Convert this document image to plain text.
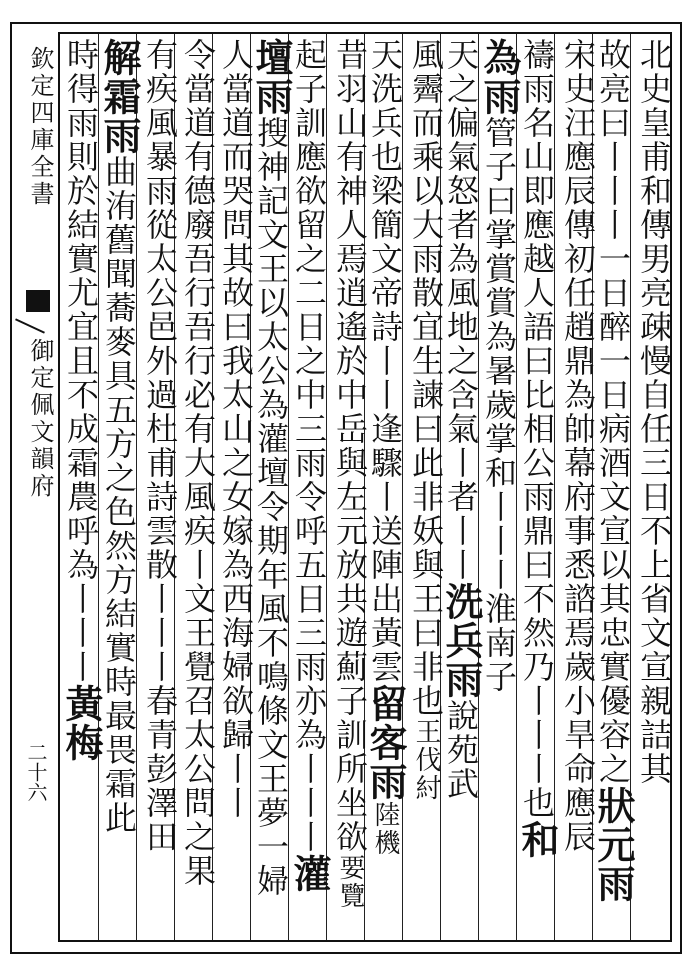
欽定四庫全書
御定佩文韻府
二十六	北史皇甫和傳男亮疎慢自任三日不上省文宣親詰其
故亮曰丨丨丨一日醉一日病酒文宣以其忠實優容之狀元雨
宋史汪應辰傳初任趙鼎為帥幕府事悉諮焉歲小旱命應辰
禱雨名山即應越人語曰比相公雨鼎曰不然乃丨丨丨也和
為雨管子曰掌賞賞為暑歲掌和丨丨丨淮南子
天之偏氣怒者為風地之含氣丨者丨丨洗兵雨說苑武
風霽而乘以大雨散宜生諫曰此非妖與王曰非也王伐紂
天洗兵也梁簡文帝詩丨丨逢驟丨送陣出黃雲留客雨陸機
昔羽山有神人焉逍遙於中岳與左元放共遊薊子訓所坐欲要覽
起子訓應欲留之二日之中三雨令呼五日三雨亦為丨丨丨灌
壇雨搜神記文王以太公為灌壇令期年風不鳴條文王夢一婦
人當道而哭問其故曰我太山之女嫁為西海婦欲歸丨丨
令當道有德廢吾行吾行必有大風疾丨文王覺召太公問之果
有疾風暴雨從太公邑外過杜甫詩雲散丨丨丨春青彭澤田
解霜雨曲洧舊聞蕎麥具五方之色然方結實時最畏霜此
時得雨則於結實尤宜且不成霜農呼為丨丨丨黃梅
